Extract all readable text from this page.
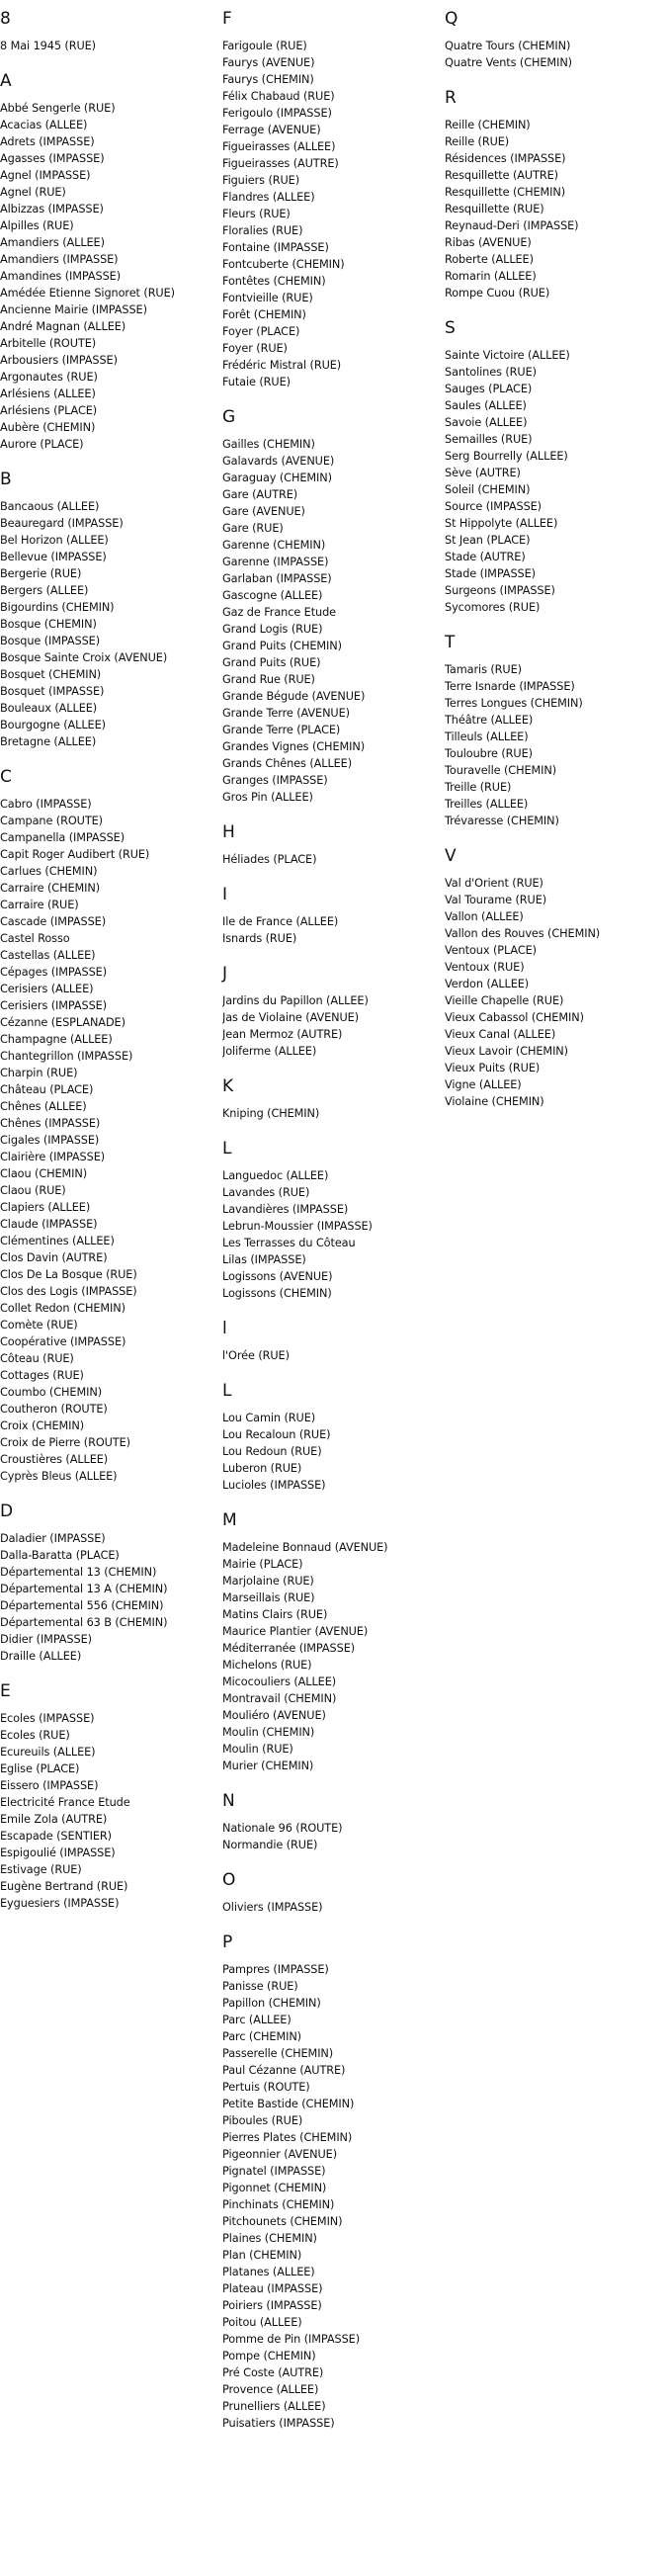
8
8 Mai 1945 (RUE)
A
Abbé Sengerle (RUE)
Acacias (ALLEE)
Adrets (IMPASSE)
Agasses (IMPASSE)
Agnel (IMPASSE)
Agnel (RUE)
Albizzas (IMPASSE)
Alpilles (RUE)
Amandiers (ALLEE)
Amandiers (IMPASSE)
Amandines (IMPASSE)
Amédée Etienne Signoret (RUE)
Ancienne Mairie (IMPASSE)
André Magnan (ALLEE)
Arbitelle (ROUTE)
Arbousiers (IMPASSE)
Argonautes (RUE)
Arlésiens (ALLEE)
Arlésiens (PLACE)
Aubère (CHEMIN)
Aurore (PLACE)
B
Bancaous (ALLEE)
Beauregard (IMPASSE)
Bel Horizon (ALLEE)
Bellevue (IMPASSE)
Bergerie (RUE)
Bergers (ALLEE)
Bigourdins (CHEMIN)
Bosque (CHEMIN)
Bosque (IMPASSE)
Bosque Sainte Croix (AVENUE)
Bosquet (CHEMIN)
Bosquet (IMPASSE)
Bouleaux (ALLEE)
Bourgogne (ALLEE)
Bretagne (ALLEE)
C
Cabro (IMPASSE)
Campane (ROUTE)
Campanella (IMPASSE)
Capit Roger Audibert (RUE)
Carlues (CHEMIN)
Carraire (CHEMIN)
Carraire (RUE)
Cascade (IMPASSE)
Castel Rosso
Castellas (ALLEE)
Cépages (IMPASSE)
Cerisiers (ALLEE)
Cerisiers (IMPASSE)
Cézanne (ESPLANADE)
Champagne (ALLEE)
Chantegrillon (IMPASSE)
Charpin (RUE)
Château (PLACE)
Chênes (ALLEE)
Chênes (IMPASSE)
Cigales (IMPASSE)
Clairière (IMPASSE)
Claou (CHEMIN)
Claou (RUE)
Clapiers (ALLEE)
Claude (IMPASSE)
Clémentines (ALLEE)
Clos Davin (AUTRE)
Clos De La Bosque (RUE)
Clos des Logis (IMPASSE)
Collet Redon (CHEMIN)
Comète (RUE)
Coopérative (IMPASSE)
Côteau (RUE)
Cottages (RUE)
Coumbo (CHEMIN)
Coutheron (ROUTE)
Croix (CHEMIN)
Croix de Pierre (ROUTE)
Croustières (ALLEE)
Cyprès Bleus (ALLEE)
D
Daladier (IMPASSE)
Dalla-Baratta (PLACE)
Départemental 13 (CHEMIN)
Départemental 13 A (CHEMIN)
Départemental 556 (CHEMIN)
Départemental 63 B (CHEMIN)
Didier (IMPASSE)
Draille (ALLEE)
E
Ecoles (IMPASSE)
Ecoles (RUE)
Ecureuils (ALLEE)
Eglise (PLACE)
Eissero (IMPASSE)
Electricité France Etude
Emile Zola (AUTRE)
Escapade (SENTIER)
Espigoulié (IMPASSE)
Estivage (RUE)
Eugène Bertrand (RUE)
Eyguesiers (IMPASSE)
F
Farigoule (RUE)
Faurys (AVENUE)
Faurys (CHEMIN)
Félix Chabaud (RUE)
Ferigoulo (IMPASSE)
Ferrage (AVENUE)
Figueirasses (ALLEE)
Figueirasses (AUTRE)
Figuiers (RUE)
Flandres (ALLEE)
Fleurs (RUE)
Floralies (RUE)
Fontaine (IMPASSE)
Fontcuberte (CHEMIN)
Fontêtes (CHEMIN)
Fontvieille (RUE)
Forêt (CHEMIN)
Foyer (PLACE)
Foyer (RUE)
Frédéric Mistral (RUE)
Futaie (RUE)
G
Gailles (CHEMIN)
Galavards (AVENUE)
Garaguay (CHEMIN)
Gare (AUTRE)
Gare (AVENUE)
Gare (RUE)
Garenne (CHEMIN)
Garenne (IMPASSE)
Garlaban (IMPASSE)
Gascogne (ALLEE)
Gaz de France Etude
Grand Logis (RUE)
Grand Puits (CHEMIN)
Grand Puits (RUE)
Grand Rue (RUE)
Grande Bégude (AVENUE)
Grande Terre (AVENUE)
Grande Terre (PLACE)
Grandes Vignes (CHEMIN)
Grands Chênes (ALLEE)
Granges (IMPASSE)
Gros Pin (ALLEE)
H
Héliades (PLACE)
I
Ile de France (ALLEE)
Isnards (RUE)
J
Jardins du Papillon (ALLEE)
Jas de Violaine (AVENUE)
Jean Mermoz (AUTRE)
Joliferme (ALLEE)
K
Kniping (CHEMIN)
L
Languedoc (ALLEE)
Lavandes (RUE)
Lavandières (IMPASSE)
Lebrun-Moussier (IMPASSE)
Les Terrasses du Côteau
Lilas (IMPASSE)
Logissons (AVENUE)
Logissons (CHEMIN)
l
l'Orée (RUE)
L
Lou Camin (RUE)
Lou Recaloun (RUE)
Lou Redoun (RUE)
Luberon (RUE)
Lucioles (IMPASSE)
M
Madeleine Bonnaud (AVENUE)
Mairie (PLACE)
Marjolaine (RUE)
Marseillais (RUE)
Matins Clairs (RUE)
Maurice Plantier (AVENUE)
Méditerranée (IMPASSE)
Michelons (RUE)
Micocouliers (ALLEE)
Montravail (CHEMIN)
Mouliéro (AVENUE)
Moulin (CHEMIN)
Moulin (RUE)
Murier (CHEMIN)
N
Nationale 96 (ROUTE)
Normandie (RUE)
O
Oliviers (IMPASSE)
P
Pampres (IMPASSE)
Panisse (RUE)
Papillon (CHEMIN)
Parc (ALLEE)
Parc (CHEMIN)
Passerelle (CHEMIN)
Paul Cézanne (AUTRE)
Pertuis (ROUTE)
Petite Bastide (CHEMIN)
Piboules (RUE)
Pierres Plates (CHEMIN)
Pigeonnier (AVENUE)
Pignatel (IMPASSE)
Pigonnet (CHEMIN)
Pinchinats (CHEMIN)
Pitchounets (CHEMIN)
Plaines (CHEMIN)
Plan (CHEMIN)
Platanes (ALLEE)
Plateau (IMPASSE)
Poiriers (IMPASSE)
Poitou (ALLEE)
Pomme de Pin (IMPASSE)
Pompe (CHEMIN)
Pré Coste (AUTRE)
Provence (ALLEE)
Prunelliers (ALLEE)
Puisatiers (IMPASSE)
Q
Quatre Tours (CHEMIN)
Quatre Vents (CHEMIN)
R
Reille (CHEMIN)
Reille (RUE)
Résidences (IMPASSE)
Resquillette (AUTRE)
Resquillette (CHEMIN)
Resquillette (RUE)
Reynaud-Deri (IMPASSE)
Ribas (AVENUE)
Roberte (ALLEE)
Romarin (ALLEE)
Rompe Cuou (RUE)
S
Sainte Victoire (ALLEE)
Santolines (RUE)
Sauges (PLACE)
Saules (ALLEE)
Savoie (ALLEE)
Semailles (RUE)
Serg Bourrelly (ALLEE)
Sève (AUTRE)
Soleil (CHEMIN)
Source (IMPASSE)
St Hippolyte (ALLEE)
St Jean (PLACE)
Stade (AUTRE)
Stade (IMPASSE)
Surgeons (IMPASSE)
Sycomores (RUE)
T
Tamaris (RUE)
Terre Isnarde (IMPASSE)
Terres Longues (CHEMIN)
Théâtre (ALLEE)
Tilleuls (ALLEE)
Touloubre (RUE)
Touravelle (CHEMIN)
Treille (RUE)
Treilles (ALLEE)
Trévaresse (CHEMIN)
V
Val d'Orient (RUE)
Val Tourame (RUE)
Vallon (ALLEE)
Vallon des Rouves (CHEMIN)
Ventoux (PLACE)
Ventoux (RUE)
Verdon (ALLEE)
Vieille Chapelle (RUE)
Vieux Cabassol (CHEMIN)
Vieux Canal (ALLEE)
Vieux Lavoir (CHEMIN)
Vieux Puits (RUE)
Vigne (ALLEE)
Violaine (CHEMIN)
